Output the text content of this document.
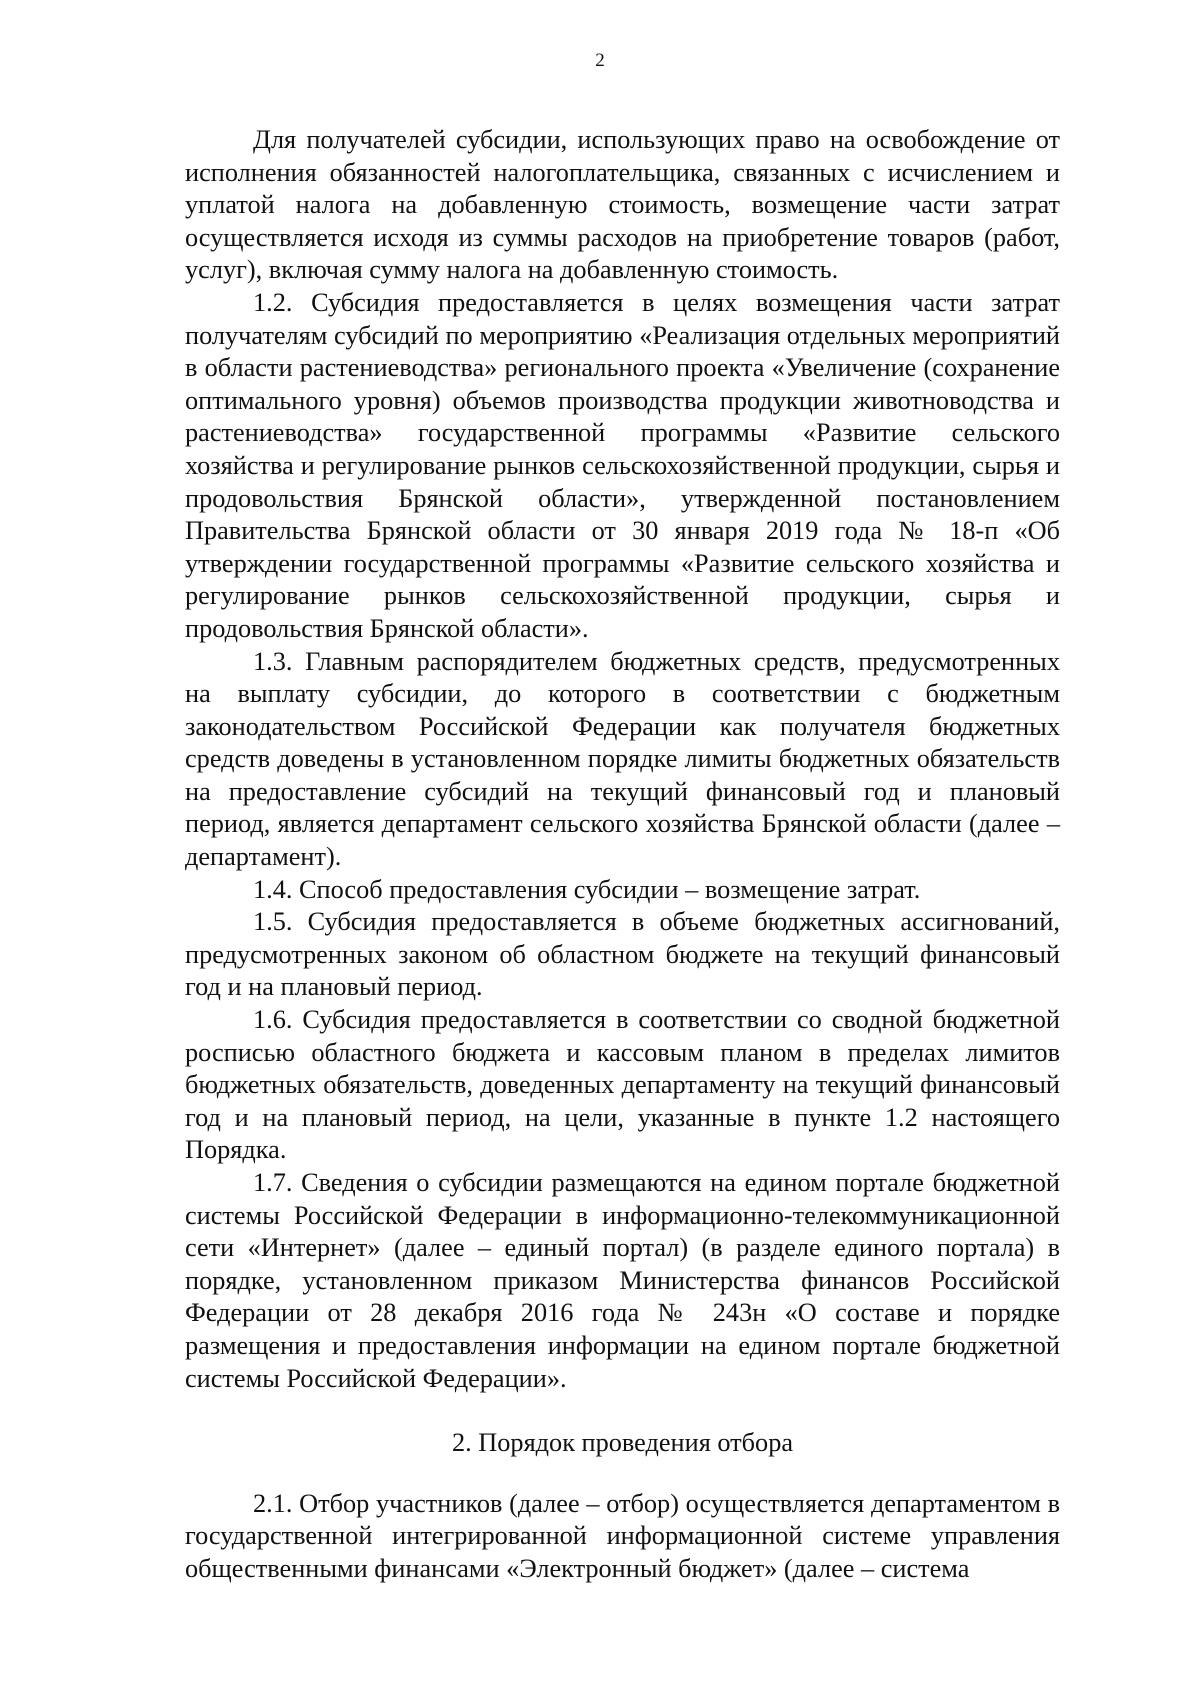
2

Для получателей субсидии, использующих право на освобождение от исполнения обязанностей налогоплательщика, связанных с исчислением и уплатой налога на добавленную стоимость, возмещение части затрат осуществляется исходя из суммы расходов на приобретение товаров (работ, услуг), включая сумму налога на добавленную стоимость.

1.2. Субсидия предоставляется в целях возмещения части затрат получателям субсидий по мероприятию «Реализация отдельных мероприятий в области растениеводства» регионального проекта «Увеличение (сохранение оптимального уровня) объемов производства продукции животноводства и растениеводства» государственной программы «Развитие сельского хозяйства и регулирование рынков сельскохозяйственной продукции, сырья и продовольствия Брянской области», утвержденной постановлением Правительства Брянской области от 30 января 2019 года № 18-п «Об утверждении государственной программы «Развитие сельского хозяйства и регулирование рынков сельскохозяйственной продукции, сырья и продовольствия Брянской области».

1.3. Главным распорядителем бюджетных средств, предусмотренных на выплату субсидии, до которого в соответствии с бюджетным законодательством Российской Федерации как получателя бюджетных средств доведены в установленном порядке лимиты бюджетных обязательств на предоставление субсидий на текущий финансовый год и плановый период, является департамент сельского хозяйства Брянской области (далее – департамент).

1.4. Способ предоставления субсидии – возмещение затрат.

1.5. Субсидия предоставляется в объеме бюджетных ассигнований, предусмотренных законом об областном бюджете на текущий финансовый год и на плановый период.

1.6. Субсидия предоставляется в соответствии со сводной бюджетной росписью областного бюджета и кассовым планом в пределах лимитов бюджетных обязательств, доведенных департаменту на текущий финансовый год и на плановый период, на цели, указанные в пункте 1.2 настоящего Порядка.

1.7. Сведения о субсидии размещаются на едином портале бюджетной системы Российской Федерации в информационно-телекоммуникационной сети «Интернет» (далее – единый портал) (в разделе единого портала) в порядке, установленном приказом Министерства финансов Российской Федерации от 28 декабря 2016 года № 243н «О составе и порядке размещения и предоставления информации на едином портале бюджетной системы Российской Федерации».

2. Порядок проведения отбора

2.1. Отбор участников (далее – отбор) осуществляется департаментом в государственной интегрированной информационной системе управления общественными финансами «Электронный бюджет» (далее – система
